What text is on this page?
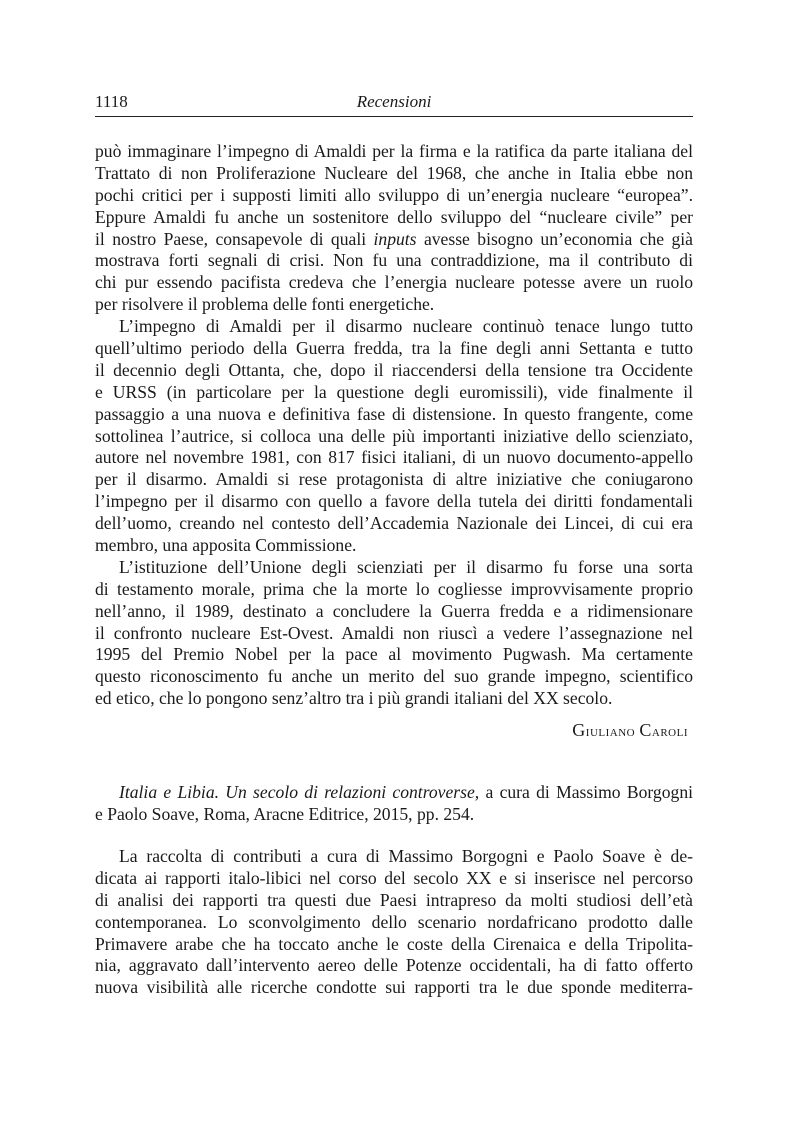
1118	Recensioni
può immaginare l’impegno di Amaldi per la firma e la ratifica da parte italiana del
Trattato di non Proliferazione Nucleare del 1968, che anche in Italia ebbe non
pochi critici per i supposti limiti allo sviluppo di un’energia nucleare “europea”.
Eppure Amaldi fu anche un sostenitore dello sviluppo del “nucleare civile” per
il nostro Paese, consapevole di quali inputs avesse bisogno un’economia che già
mostrava forti segnali di crisi. Non fu una contraddizione, ma il contributo di
chi pur essendo pacifista credeva che l’energia nucleare potesse avere un ruolo
per risolvere il problema delle fonti energetiche.
L’impegno di Amaldi per il disarmo nucleare continuò tenace lungo tutto
quell’ultimo periodo della Guerra fredda, tra la fine degli anni Settanta e tutto
il decennio degli Ottanta, che, dopo il riaccendersi della tensione tra Occidente
e URSS (in particolare per la questione degli euromissili), vide finalmente il
passaggio a una nuova e definitiva fase di distensione. In questo frangente, come
sottolinea l’autrice, si colloca una delle più importanti iniziative dello scienziato,
autore nel novembre 1981, con 817 fisici italiani, di un nuovo documento-appello
per il disarmo. Amaldi si rese protagonista di altre iniziative che coniugarono
l’impegno per il disarmo con quello a favore della tutela dei diritti fondamentali
dell’uomo, creando nel contesto dell’Accademia Nazionale dei Lincei, di cui era
membro, una apposita Commissione.
L’istituzione dell’Unione degli scienziati per il disarmo fu forse una sorta
di testamento morale, prima che la morte lo cogliesse improvvisamente proprio
nell’anno, il 1989, destinato a concludere la Guerra fredda e a ridimensionare
il confronto nucleare Est-Ovest. Amaldi non riuscì a vedere l’assegnazione nel
1995 del Premio Nobel per la pace al movimento Pugwash. Ma certamente
questo riconoscimento fu anche un merito del suo grande impegno, scientifico
ed etico, che lo pongono senz’altro tra i più grandi italiani del XX secolo.
Giuliano Caroli
Italia e Libia. Un secolo di relazioni controverse, a cura di Massimo Borgogni
e Paolo Soave, Roma, Aracne Editrice, 2015, pp. 254.
La raccolta di contributi a cura di Massimo Borgogni e Paolo Soave è de-
dicata ai rapporti italo-libici nel corso del secolo XX e si inserisce nel percorso
di analisi dei rapporti tra questi due Paesi intrapreso da molti studiosi dell’età
contemporanea. Lo sconvolgimento dello scenario nordafricano prodotto dalle
Primavere arabe che ha toccato anche le coste della Cirenaica e della Tripolita-
nia, aggravato dall’intervento aereo delle Potenze occidentali, ha di fatto offerto
nuova visibilità alle ricerche condotte sui rapporti tra le due sponde mediterra-
